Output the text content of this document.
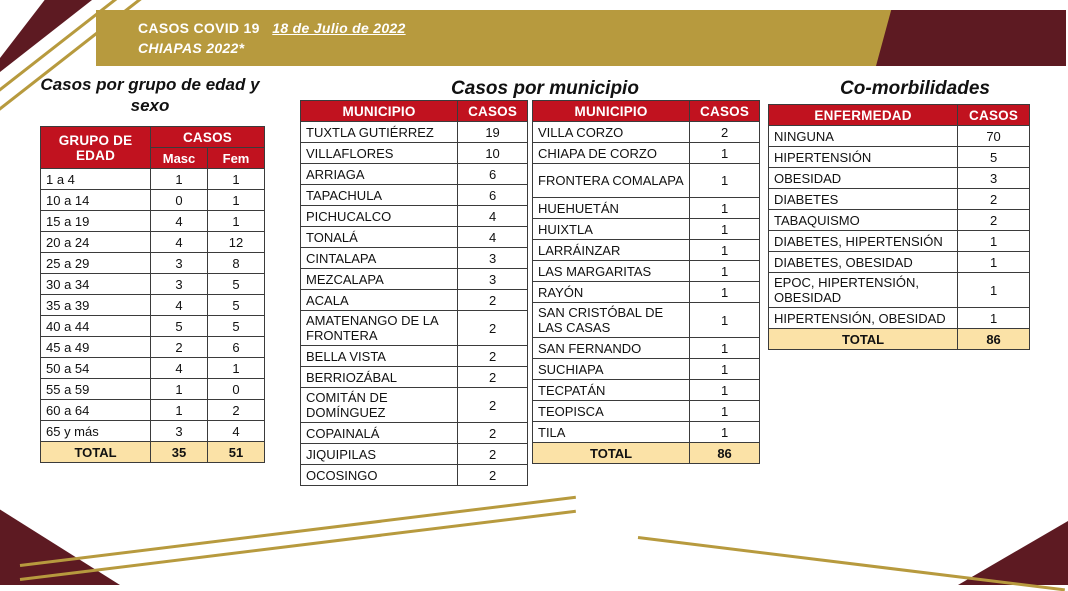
CASOS COVID 19 18 de Julio de 2022
CHIAPAS 2022*
Casos por grupo de edad y sexo
Casos por municipio	Co-morbilidades
GRUPO DE EDAD	CASOS	
	Masc	Fem
1 a 4	1	1
10 a 14	0	1
15 a 19	4	1
20 a 24	4	12
25 a 29	3	8
30 a 34	3	5
35 a 39	4	5
40 a 44	5	5
45 a 49	2	6
50 a 54	4	1
55 a 59	1	0
60 a 64	1	2
65 y más	3	4
TOTAL	35	51
MUNICIPIO	CASOS
TUXTLA GUTIÉRREZ	19
VILLAFLORES	10
ARRIAGA	6
TAPACHULA	6
PICHUCALCO	4
TONALÁ	4
CINTALAPA	3
MEZCALAPA	3
ACALA	2
AMATENANGO DE LA FRONTERA	2
BELLA VISTA	2
BERRIOZÁBAL	2
COMITÁN DE DOMÍNGUEZ	2
COPAINALÁ	2
JIQUIPILAS	2
OCOSINGO	2
MUNICIPIO	CASOS
VILLA CORZO	2
CHIAPA DE CORZO	1
FRONTERA COMALAPA	1
HUEHUETÁN	1
HUIXTLA	1
LARRÁINZAR	1
LAS MARGARITAS	1
RAYÓN	1
SAN CRISTÓBAL DE LAS CASAS	1
SAN FERNANDO	1
SUCHIAPA	1
TECPATÁN	1
TEOPISCA	1
TILA	1
TOTAL	86
ENFERMEDAD	CASOS
NINGUNA	70
HIPERTENSIÓN	5
OBESIDAD	3
DIABETES	2
TABAQUISMO	2
DIABETES, HIPERTENSIÓN	1
DIABETES, OBESIDAD	1
EPOC, HIPERTENSIÓN, OBESIDAD	1
HIPERTENSIÓN, OBESIDAD	1
TOTAL	86
